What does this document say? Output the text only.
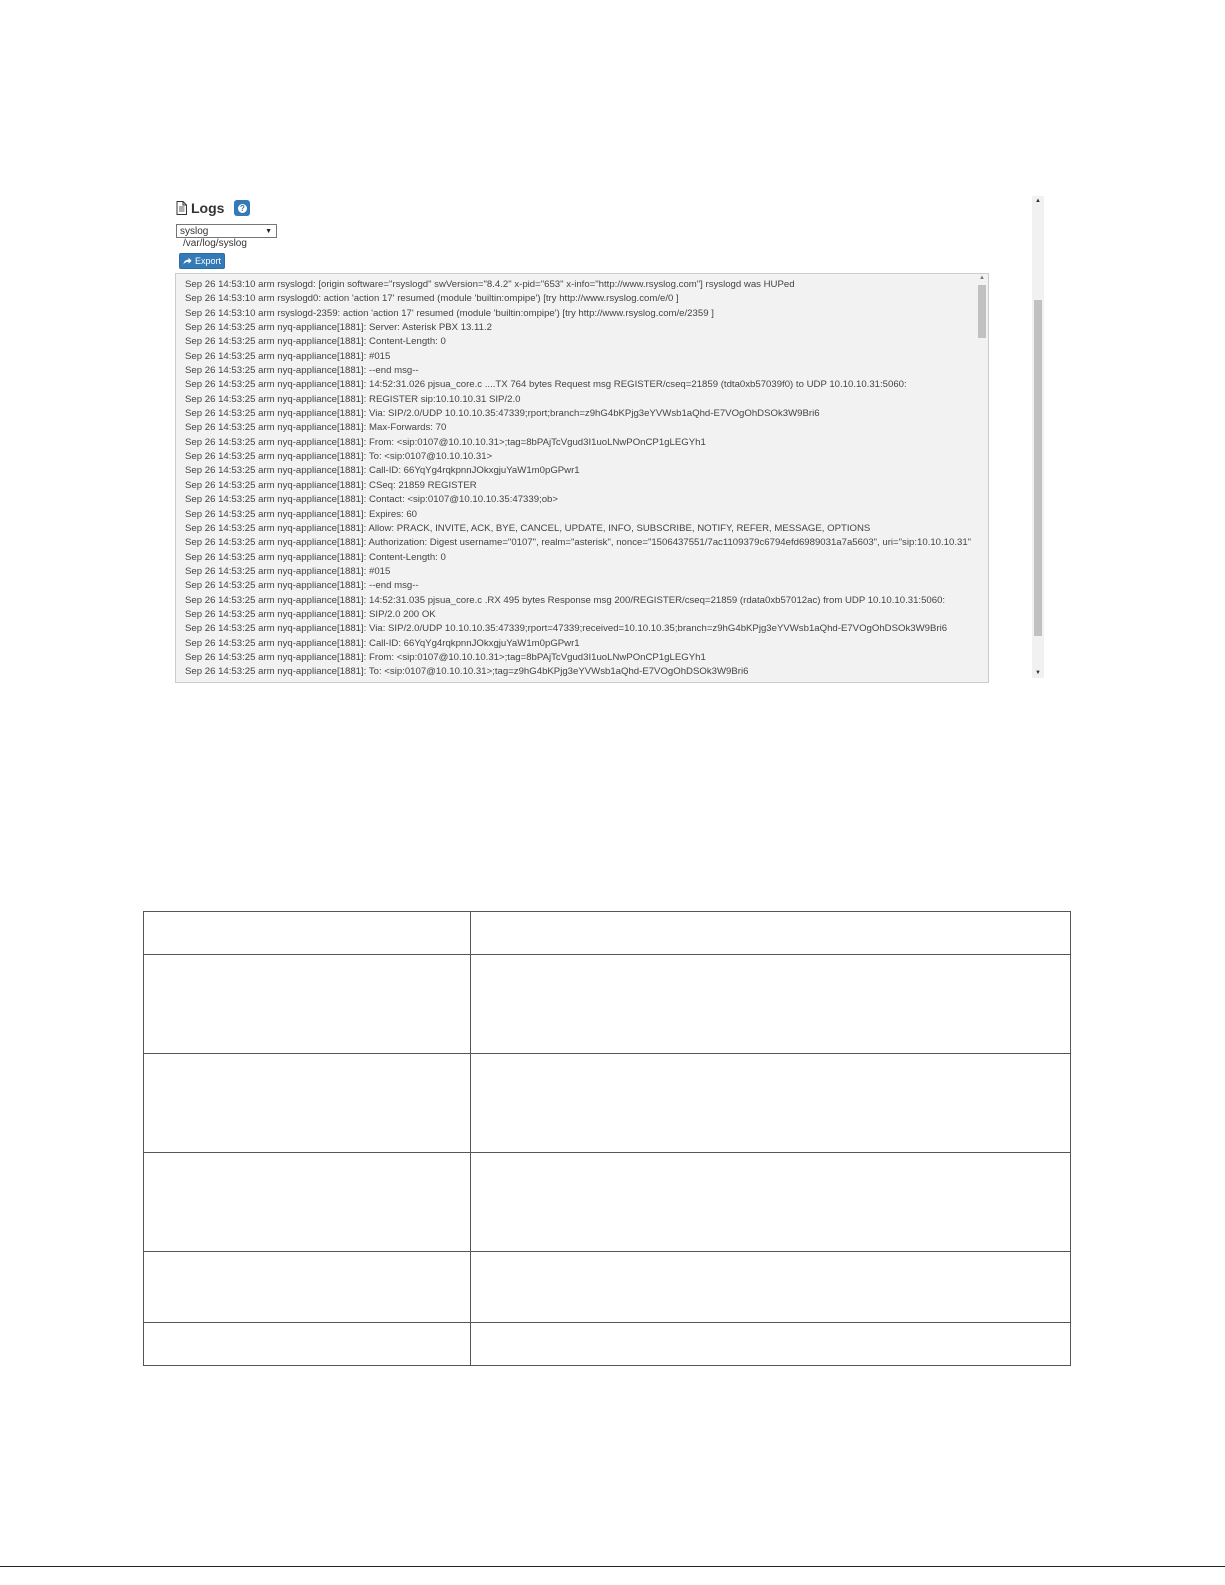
Logs ?
syslog	▼
/var/log/syslog
Export
Sep 26 14:53:10 arm rsyslogd: [origin software="rsyslogd" swVersion="8.4.2" x-pid="653" x-info="http://www.rsyslog.com"] rsyslogd was HUPed
Sep 26 14:53:10 arm rsyslogd0: action 'action 17' resumed (module 'builtin:ompipe') [try http://www.rsyslog.com/e/0 ]
Sep 26 14:53:10 arm rsyslogd-2359: action 'action 17' resumed (module 'builtin:ompipe') [try http://www.rsyslog.com/e/2359 ]
Sep 26 14:53:25 arm nyq-appliance[1881]: Server: Asterisk PBX 13.11.2
Sep 26 14:53:25 arm nyq-appliance[1881]: Content-Length: 0
Sep 26 14:53:25 arm nyq-appliance[1881]: #015
Sep 26 14:53:25 arm nyq-appliance[1881]: --end msg--
Sep 26 14:53:25 arm nyq-appliance[1881]: 14:52:31.026 pjsua_core.c ....TX 764 bytes Request msg REGISTER/cseq=21859 (tdta0xb57039f0) to UDP 10.10.10.31:5060:
Sep 26 14:53:25 arm nyq-appliance[1881]: REGISTER sip:10.10.10.31 SIP/2.0
Sep 26 14:53:25 arm nyq-appliance[1881]: Via: SIP/2.0/UDP 10.10.10.35:47339;rport;branch=z9hG4bKPjg3eYVWsb1aQhd-E7VOgOhDSOk3W9Bri6
Sep 26 14:53:25 arm nyq-appliance[1881]: Max-Forwards: 70
Sep 26 14:53:25 arm nyq-appliance[1881]: From: <sip:0107@10.10.10.31>;tag=8bPAjTcVgud3I1uoLNwPOnCP1gLEGYh1
Sep 26 14:53:25 arm nyq-appliance[1881]: To: <sip:0107@10.10.10.31>
Sep 26 14:53:25 arm nyq-appliance[1881]: Call-ID: 66YqYg4rqkpnnJOkxgjuYaW1m0pGPwr1
Sep 26 14:53:25 arm nyq-appliance[1881]: CSeq: 21859 REGISTER
Sep 26 14:53:25 arm nyq-appliance[1881]: Contact: <sip:0107@10.10.10.35:47339;ob>
Sep 26 14:53:25 arm nyq-appliance[1881]: Expires: 60
Sep 26 14:53:25 arm nyq-appliance[1881]: Allow: PRACK, INVITE, ACK, BYE, CANCEL, UPDATE, INFO, SUBSCRIBE, NOTIFY, REFER, MESSAGE, OPTIONS
Sep 26 14:53:25 arm nyq-appliance[1881]: Authorization: Digest username="0107", realm="asterisk", nonce="1506437551/7ac1109379c6794efd6989031a7a5603", uri="sip:10.10.10.31"
Sep 26 14:53:25 arm nyq-appliance[1881]: Content-Length: 0
Sep 26 14:53:25 arm nyq-appliance[1881]: #015
Sep 26 14:53:25 arm nyq-appliance[1881]: --end msg--
Sep 26 14:53:25 arm nyq-appliance[1881]: 14:52:31.035 pjsua_core.c .RX 495 bytes Response msg 200/REGISTER/cseq=21859 (rdata0xb57012ac) from UDP 10.10.10.31:5060:
Sep 26 14:53:25 arm nyq-appliance[1881]: SIP/2.0 200 OK
Sep 26 14:53:25 arm nyq-appliance[1881]: Via: SIP/2.0/UDP 10.10.10.35:47339;rport=47339;received=10.10.10.35;branch=z9hG4bKPjg3eYVWsb1aQhd-E7VOgOhDSOk3W9Bri6
Sep 26 14:53:25 arm nyq-appliance[1881]: Call-ID: 66YqYg4rqkpnnJOkxgjuYaW1m0pGPwr1
Sep 26 14:53:25 arm nyq-appliance[1881]: From: <sip:0107@10.10.10.31>;tag=8bPAjTcVgud3I1uoLNwPOnCP1gLEGYh1
Sep 26 14:53:25 arm nyq-appliance[1881]: To: <sip:0107@10.10.10.31>;tag=z9hG4bKPjg3eYVWsb1aQhd-E7VOgOhDSOk3W9Bri6
▲
▲
▼
